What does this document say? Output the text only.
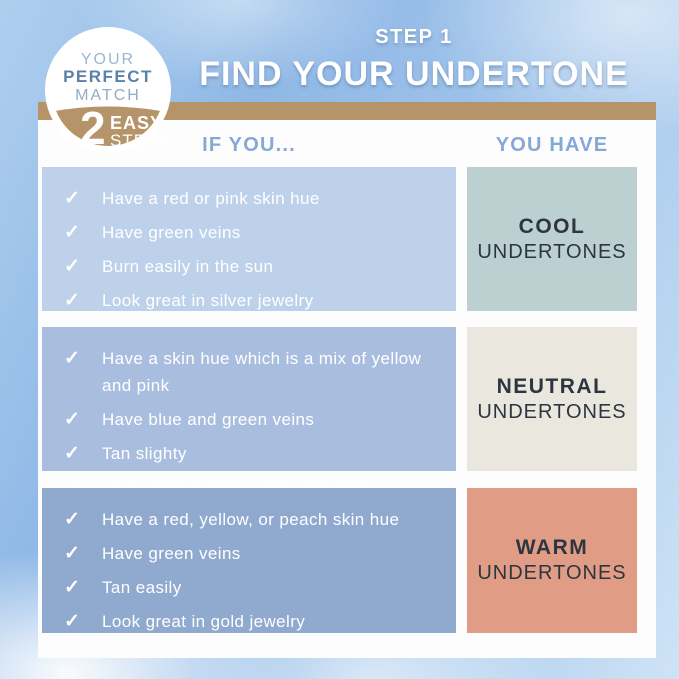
STEP 1
FIND YOUR UNDERTONE
YOUR
PERFECT
MATCH
2 EASY
STEPS	IF YOU...	YOU HAVE
✓	Have a red or pink skin hue
✓	Have green veins
✓	Burn easily in the sun
✓	Look great in silver jewelry
COOL
UNDERTONES
✓	Have a skin hue which is a mix of yellow and pink
✓	Have blue and green veins
✓	Tan slighty
NEUTRAL
UNDERTONES
✓	Have a red, yellow, or peach skin hue
✓	Have green veins
✓	Tan easily
✓	Look great in gold jewelry
WARM
UNDERTONES
